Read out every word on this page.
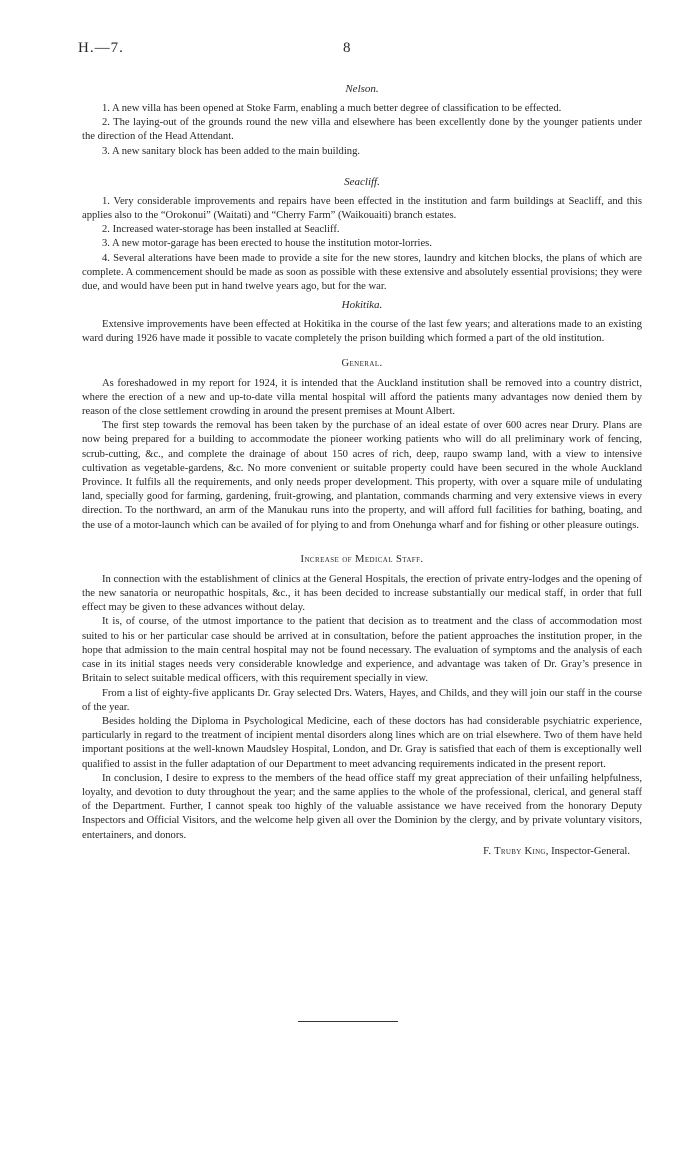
H.—7.	8
Nelson.

1. A new villa has been opened at Stoke Farm, enabling a much better degree of classification to be effected.

2. The laying-out of the grounds round the new villa and elsewhere has been excellently done by the younger patients under the direction of the Head Attendant.

3. A new sanitary block has been added to the main building.

Seacliff.

1. Very considerable improvements and repairs have been effected in the institution and farm buildings at Seacliff, and this applies also to the “Orokonui” (Waitati) and “Cherry Farm” (Waikouaiti) branch estates.

2. Increased water-storage has been installed at Seacliff.

3. A new motor-garage has been erected to house the institution motor-lorries.

4. Several alterations have been made to provide a site for the new stores, laundry and kitchen blocks, the plans of which are complete. A commencement should be made as soon as possible with these extensive and absolutely essential provisions; they were due, and would have been put in hand twelve years ago, but for the war.

Hokitika.

Extensive improvements have been effected at Hokitika in the course of the last few years; and alterations made to an existing ward during 1926 have made it possible to vacate completely the prison building which formed a part of the old institution.

General.

As foreshadowed in my report for 1924, it is intended that the Auckland institution shall be removed into a country district, where the erection of a new and up-to-date villa mental hospital will afford the patients many advantages now denied them by reason of the close settlement crowding in around the present premises at Mount Albert.

The first step towards the removal has been taken by the purchase of an ideal estate of over 600 acres near Drury. Plans are now being prepared for a building to accommodate the pioneer working patients who will do all preliminary work of fencing, scrub-cutting, &c., and complete the drainage of about 150 acres of rich, deep, raupo swamp land, with a view to intensive cultivation as vegetable-gardens, &c. No more convenient or suitable property could have been secured in the whole Auckland Province. It fulfils all the requirements, and only needs proper development. This property, with over a square mile of undulating land, specially good for farming, gardening, fruit-growing, and plantation, commands charming and very extensive views in every direction. To the northward, an arm of the Manukau runs into the property, and will afford full facilities for bathing, boating, and the use of a motor-launch which can be availed of for plying to and from Onehunga wharf and for fishing or other pleasure outings.

Increase of Medical Staff.

In connection with the establishment of clinics at the General Hospitals, the erection of private entry-lodges and the opening of the new sanatoria or neuropathic hospitals, &c., it has been decided to increase substantially our medical staff, in order that full effect may be given to these advances without delay.

It is, of course, of the utmost importance to the patient that decision as to treatment and the class of accommodation most suited to his or her particular case should be arrived at in consultation, before the patient approaches the institution proper, in the hope that admission to the main central hospital may not be found necessary. The evaluation of symptoms and the analysis of each case in its initial stages needs very considerable knowledge and experience, and advantage was taken of Dr. Gray’s presence in Britain to select suitable medical officers, with this requirement specially in view.

From a list of eighty-five applicants Dr. Gray selected Drs. Waters, Hayes, and Childs, and they will join our staff in the course of the year.

Besides holding the Diploma in Psychological Medicine, each of these doctors has had considerable psychiatric experience, particularly in regard to the treatment of incipient mental disorders along lines which are on trial elsewhere. Two of them have held important positions at the well-known Maudsley Hospital, London, and Dr. Gray is satisfied that each of them is exceptionally well qualified to assist in the fuller adaptation of our Department to meet advancing requirements indicated in the present report.

In conclusion, I desire to express to the members of the head office staff my great appreciation of their unfailing helpfulness, loyalty, and devotion to duty throughout the year; and the same applies to the whole of the professional, clerical, and general staff of the Department. Further, I cannot speak too highly of the valuable assistance we have received from the honorary Deputy Inspectors and Official Visitors, and the welcome help given all over the Dominion by the clergy, and by private voluntary visitors, entertainers, and donors.

F. Truby King, Inspector-General.
